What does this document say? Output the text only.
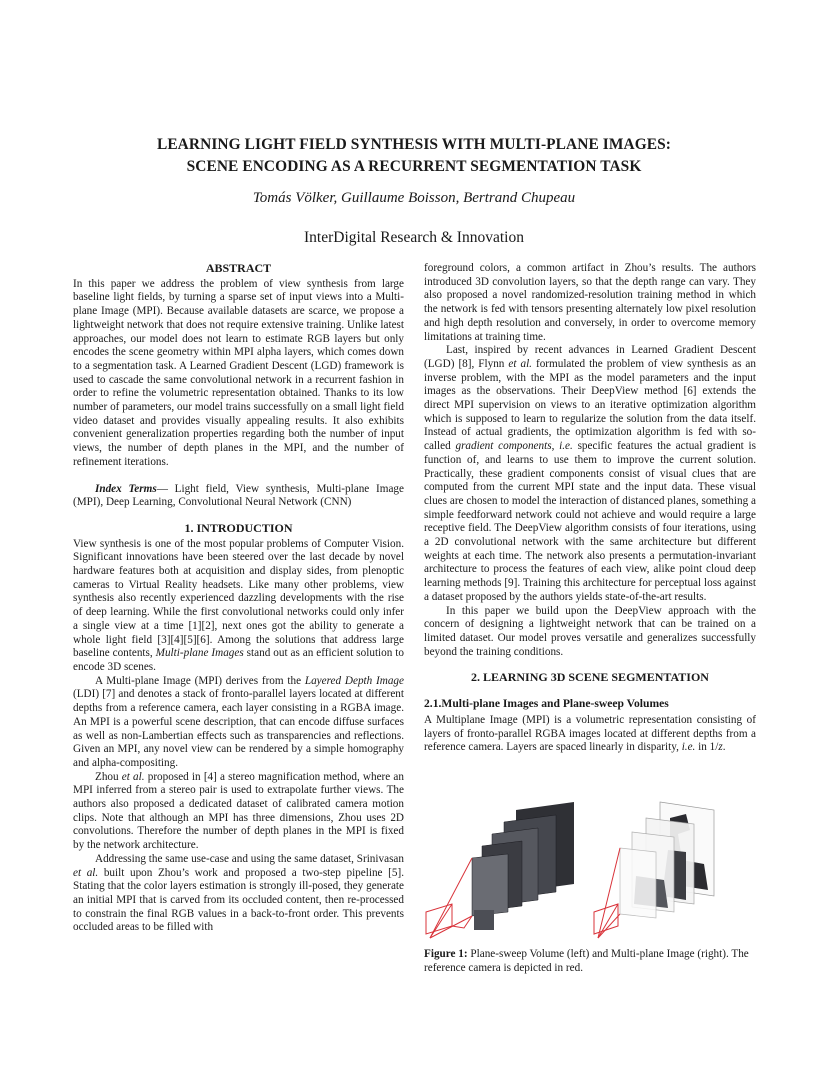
LEARNING LIGHT FIELD SYNTHESIS WITH MULTI-PLANE IMAGES:
SCENE ENCODING AS A RECURRENT SEGMENTATION TASK
Tomás Völker, Guillaume Boisson, Bertrand Chupeau
InterDigital Research & Innovation

ABSTRACT

In this paper we address the problem of view synthesis from large baseline light fields, by turning a sparse set of input views into a Multi-plane Image (MPI). Because available datasets are scarce, we propose a lightweight network that does not require extensive training. Unlike latest approaches, our model does not learn to estimate RGB layers but only encodes the scene geometry within MPI alpha layers, which comes down to a segmentation task. A Learned Gradient Descent (LGD) framework is used to cascade the same convolutional network in a recurrent fashion in order to refine the volumetric representation obtained. Thanks to its low number of parameters, our model trains successfully on a small light field video dataset and provides visually appealing results. It also exhibits convenient generalization properties regarding both the number of input views, the number of depth planes in the MPI, and the number of refinement iterations.

Index Terms— Light field, View synthesis, Multi-plane Image (MPI), Deep Learning, Convolutional Neural Network (CNN)

1. INTRODUCTION

View synthesis is one of the most popular problems of Computer Vision. Significant innovations have been steered over the last decade by novel hardware features both at acquisition and display sides, from plenoptic cameras to Virtual Reality headsets. Like many other problems, view synthesis also recently experienced dazzling developments with the rise of deep learning. While the first convolutional networks could only infer a single view at a time [1][2], next ones got the ability to generate a whole light field [3][4][5][6]. Among the solutions that address large baseline contents, Multi-plane Images stand out as an efficient solution to encode 3D scenes.

A Multi-plane Image (MPI) derives from the Layered Depth Image (LDI) [7] and denotes a stack of fronto-parallel layers located at different depths from a reference camera, each layer consisting in a RGBA image. An MPI is a powerful scene description, that can encode diffuse surfaces as well as non-Lambertian effects such as transparencies and reflections. Given an MPI, any novel view can be rendered by a simple homography and alpha-compositing.

Zhou et al. proposed in [4] a stereo magnification method, where an MPI inferred from a stereo pair is used to extrapolate further views. The authors also proposed a dedicated dataset of calibrated camera motion clips. Note that although an MPI has three dimensions, Zhou uses 2D convolutions. Therefore the number of depth planes in the MPI is fixed by the network architecture.

Addressing the same use-case and using the same dataset, Srinivasan et al. built upon Zhou’s work and proposed a two-step pipeline [5]. Stating that the color layers estimation is strongly ill-posed, they generate an initial MPI that is carved from its occluded content, then re-processed to constrain the final RGB values in a back-to-front order. This prevents occluded areas to be filled with

foreground colors, a common artifact in Zhou’s results. The authors introduced 3D convolution layers, so that the depth range can vary. They also proposed a novel randomized-resolution training method in which the network is fed with tensors presenting alternately low pixel resolution and high depth resolution and conversely, in order to overcome memory limitations at training time.

Last, inspired by recent advances in Learned Gradient Descent (LGD) [8], Flynn et al. formulated the problem of view synthesis as an inverse problem, with the MPI as the model parameters and the input images as the observations. Their DeepView method [6] extends the direct MPI supervision on views to an iterative optimization algorithm which is supposed to learn to regularize the solution from the data itself. Instead of actual gradients, the optimization algorithm is fed with so-called gradient components, i.e. specific features the actual gradient is function of, and learns to use them to improve the current solution. Practically, these gradient components consist of visual clues that are computed from the current MPI state and the input data. These visual clues are chosen to model the interaction of distanced planes, something a simple feedforward network could not achieve and would require a large receptive field. The DeepView algorithm consists of four iterations, using a 2D convolutional network with the same architecture but different weights at each time. The network also presents a permutation-invariant architecture to process the features of each view, alike point cloud deep learning methods [9]. Training this architecture for perceptual loss against a dataset proposed by the authors yields state-of-the-art results.

In this paper we build upon the DeepView approach with the concern of designing a lightweight network that can be trained on a limited dataset. Our model proves versatile and generalizes successfully beyond the training conditions.

2. LEARNING 3D SCENE SEGMENTATION

2.1.Multi-plane Images and Plane-sweep Volumes

A Multiplane Image (MPI) is a volumetric representation consisting of layers of fronto-parallel RGBA images located at different depths from a reference camera. Layers are spaced linearly in disparity, i.e. in 1/z.

Figure 1: Plane-sweep Volume (left) and Multi-plane Image (right). The reference camera is depicted in red.
